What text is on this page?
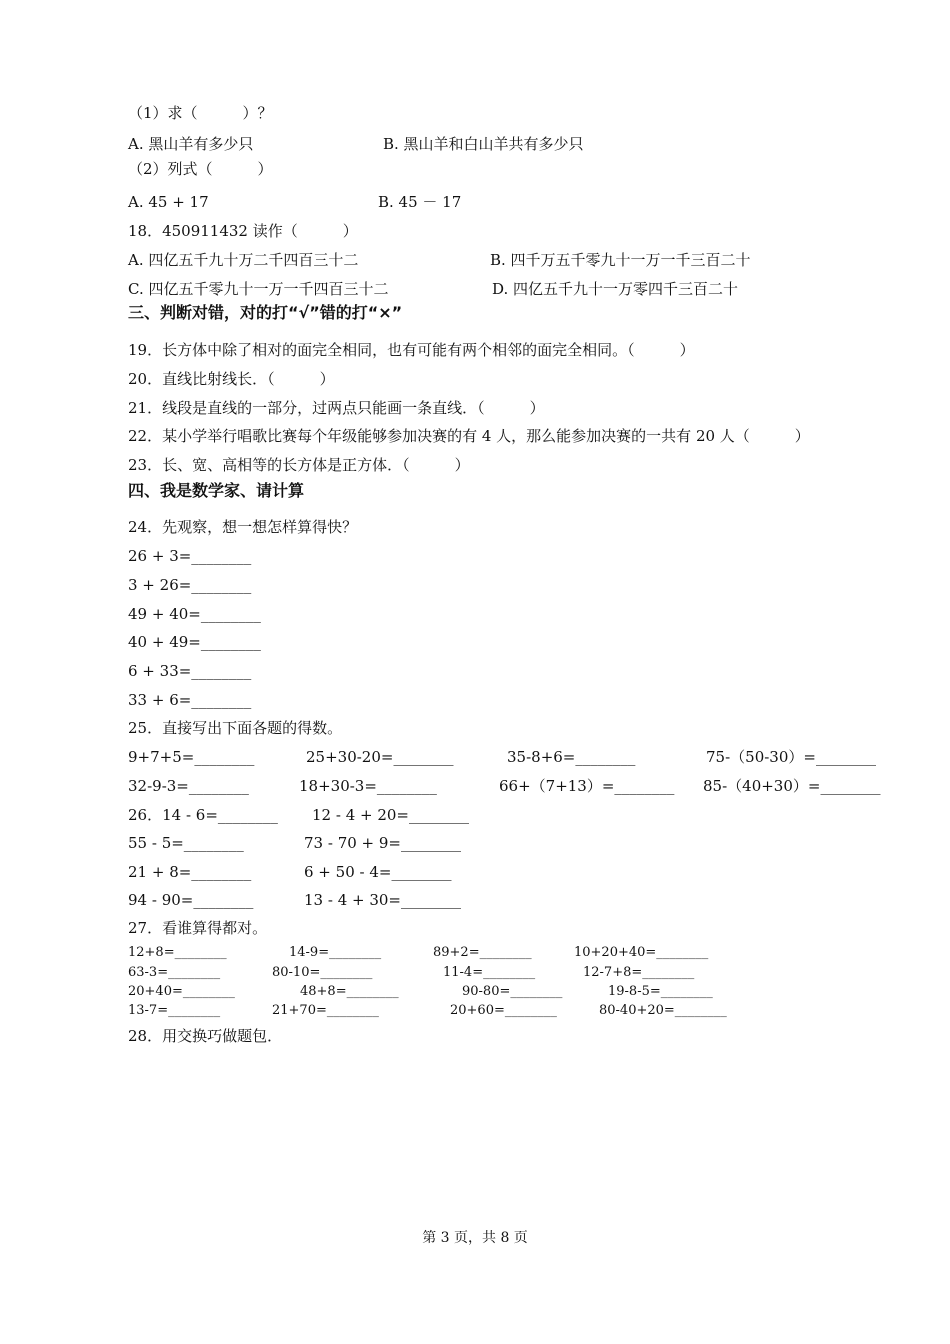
（1）求（　　　）？
A. 黑山羊有多少只	B. 黑山羊和白山羊共有多少只
（2）列式（　　　）
A. 45 + 17	B. 45 － 17
18．450911432 读作（　　　）
A. 四亿五千九十万二千四百三十二	B. 四千万五千零九十一万一千三百二十
C. 四亿五千零九十一万一千四百三十二	D. 四亿五千九十一万零四千三百二十
三、判断对错，对的打“√”错的打“×”
19．长方体中除了相对的面完全相同，也有可能有两个相邻的面完全相同。（　　　）
20．直线比射线长．（　　　）
21．线段是直线的一部分，过两点只能画一条直线．（　　　）
22．某小学举行唱歌比赛每个年级能够参加决赛的有 4 人，那么能参加决赛的一共有 20 人（　　　）
23．长、宽、高相等的长方体是正方体．（　　　）
四、我是数学家、请计算
24．先观察，想一想怎样算得快？
26 + 3=________
3 + 26=________
49 + 40=________
40 + 49=________
6 + 33=________
33 + 6=________
25．直接写出下面各题的得数。
9+7+5=________	25+30-20=________	35-8+6=________	75-（50-30）=________
32-9-3=________	18+30-3=________	66+（7+13）=________ 85-（40+30）=________
26．14 - 6=________ 12 - 4 + 20=________
55 - 5=________	73 - 70 + 9=________
21 + 8=________	6 + 50 - 4=________
94 - 90=________	13 - 4 + 30=________
27．看谁算得都对。
12+8=________	14-9=________	89+2=________	10+20+40=________
63-3=________	80-10=________	11-4=________	12-7+8=________
20+40=________	48+8=________	90-80=________	19-8-5=________
13-7=________	21+70=________	20+60=________	80-40+20=________
28．用交换巧做题包．
第 3 页，共 8 页
